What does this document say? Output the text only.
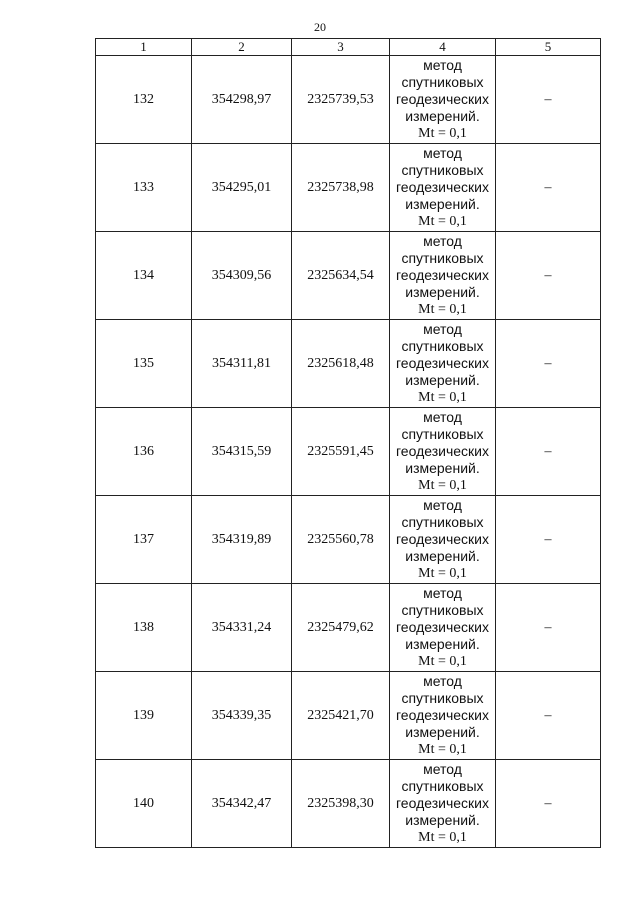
20
1	2	3	4	5
132	354298,97	2325739,53	метод
спутниковых
геодезических
измерений.
Mt = 0,1	–
133	354295,01	2325738,98	метод
спутниковых
геодезических
измерений.
Mt = 0,1	–
134	354309,56	2325634,54	метод
спутниковых
геодезических
измерений.
Mt = 0,1	–
135	354311,81	2325618,48	метод
спутниковых
геодезических
измерений.
Mt = 0,1	–
136	354315,59	2325591,45	метод
спутниковых
геодезических
измерений.
Mt = 0,1	–
137	354319,89	2325560,78	метод
спутниковых
геодезических
измерений.
Mt = 0,1	–
138	354331,24	2325479,62	метод
спутниковых
геодезических
измерений.
Mt = 0,1	–
139	354339,35	2325421,70	метод
спутниковых
геодезических
измерений.
Mt = 0,1	–
140	354342,47	2325398,30	метод
спутниковых
геодезических
измерений.
Mt = 0,1	–
